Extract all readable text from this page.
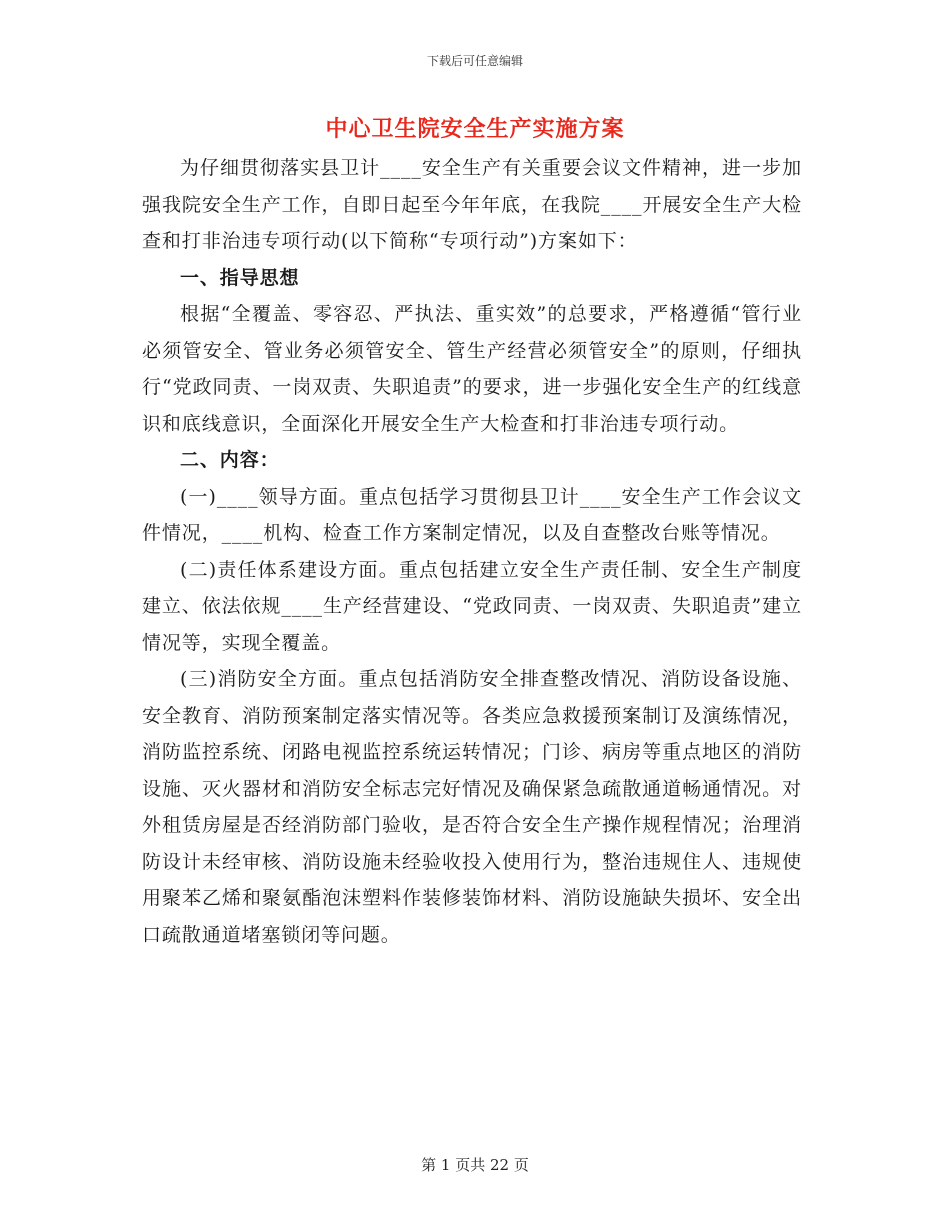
下载后可任意编辑
中心卫生院安全生产实施方案

为仔细贯彻落实县卫计____安全生产有关重要会议文件精神，进一步加强我院安全生产工作，自即日起至今年年底，在我院____开展安全生产大检查和打非治违专项行动(以下简称“专项行动”)方案如下：

一、指导思想

根据“全覆盖、零容忍、严执法、重实效”的总要求，严格遵循“管行业必须管安全、管业务必须管安全、管生产经营必须管安全”的原则，仔细执行“党政同责、一岗双责、失职追责”的要求，进一步强化安全生产的红线意识和底线意识，全面深化开展安全生产大检查和打非治违专项行动。

二、内容：

(一)____领导方面。重点包括学习贯彻县卫计____安全生产工作会议文件情况，____机构、检查工作方案制定情况，以及自查整改台账等情况。

(二)责任体系建设方面。重点包括建立安全生产责任制、安全生产制度建立、依法依规____生产经营建设、“党政同责、一岗双责、失职追责”建立情况等，实现全覆盖。

(三)消防安全方面。重点包括消防安全排查整改情况、消防设备设施、安全教育、消防预案制定落实情况等。各类应急救援预案制订及演练情况，消防监控系统、闭路电视监控系统运转情况；门诊、病房等重点地区的消防设施、灭火器材和消防安全标志完好情况及确保紧急疏散通道畅通情况。对外租赁房屋是否经消防部门验收，是否符合安全生产操作规程情况；治理消防设计未经审核、消防设施未经验收投入使用行为，整治违规住人、违规使用聚苯乙烯和聚氨酯泡沫塑料作装修装饰材料、消防设施缺失损坏、安全出口疏散通道堵塞锁闭等问题。

第 1 页共 22 页
